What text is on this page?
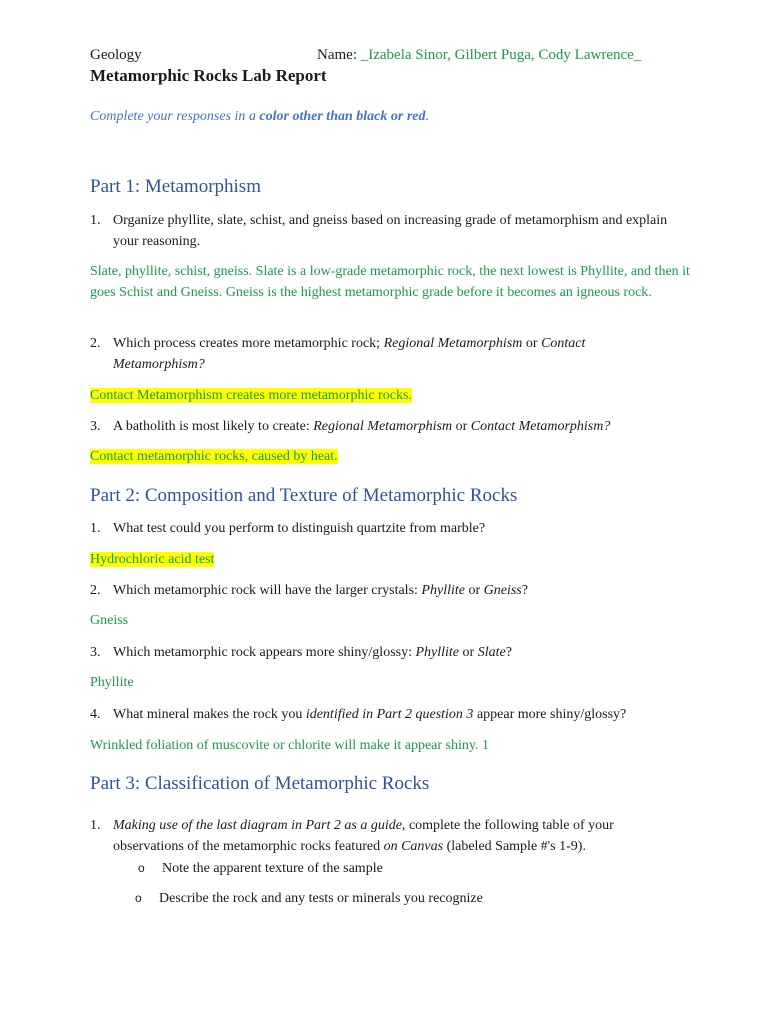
Geology	Name: _Izabela Sinor, Gilbert Puga, Cody Lawrence_
Metamorphic Rocks Lab Report
Complete your responses in a color other than black or red.
Part 1: Metamorphism
1. Organize phyllite, slate, schist, and gneiss based on increasing grade of metamorphism and explain your reasoning.
Slate, phyllite, schist, gneiss. Slate is a low-grade metamorphic rock, the next lowest is Phyllite, and then it goes Schist and Gneiss. Gneiss is the highest metamorphic grade before it becomes an igneous rock.
2. Which process creates more metamorphic rock; Regional Metamorphism or Contact Metamorphism?
Contact Metamorphism creates more metamorphic rocks.
3. A batholith is most likely to create: Regional Metamorphism or Contact Metamorphism?
Contact metamorphic rocks, caused by heat.
Part 2: Composition and Texture of Metamorphic Rocks
1. What test could you perform to distinguish quartzite from marble?
Hydrochloric acid test
2. Which metamorphic rock will have the larger crystals: Phyllite or Gneiss?
Gneiss
3. Which metamorphic rock appears more shiny/glossy: Phyllite or Slate?
Phyllite
4. What mineral makes the rock you identified in Part 2 question 3 appear more shiny/glossy?
Wrinkled foliation of muscovite or chlorite will make it appear shiny. 1
Part 3: Classification of Metamorphic Rocks
1. Making use of the last diagram in Part 2 as a guide, complete the following table of your observations of the metamorphic rocks featured on Canvas (labeled Sample #'s 1-9).
o Note the apparent texture of the sample
o Describe the rock and any tests or minerals you recognize
